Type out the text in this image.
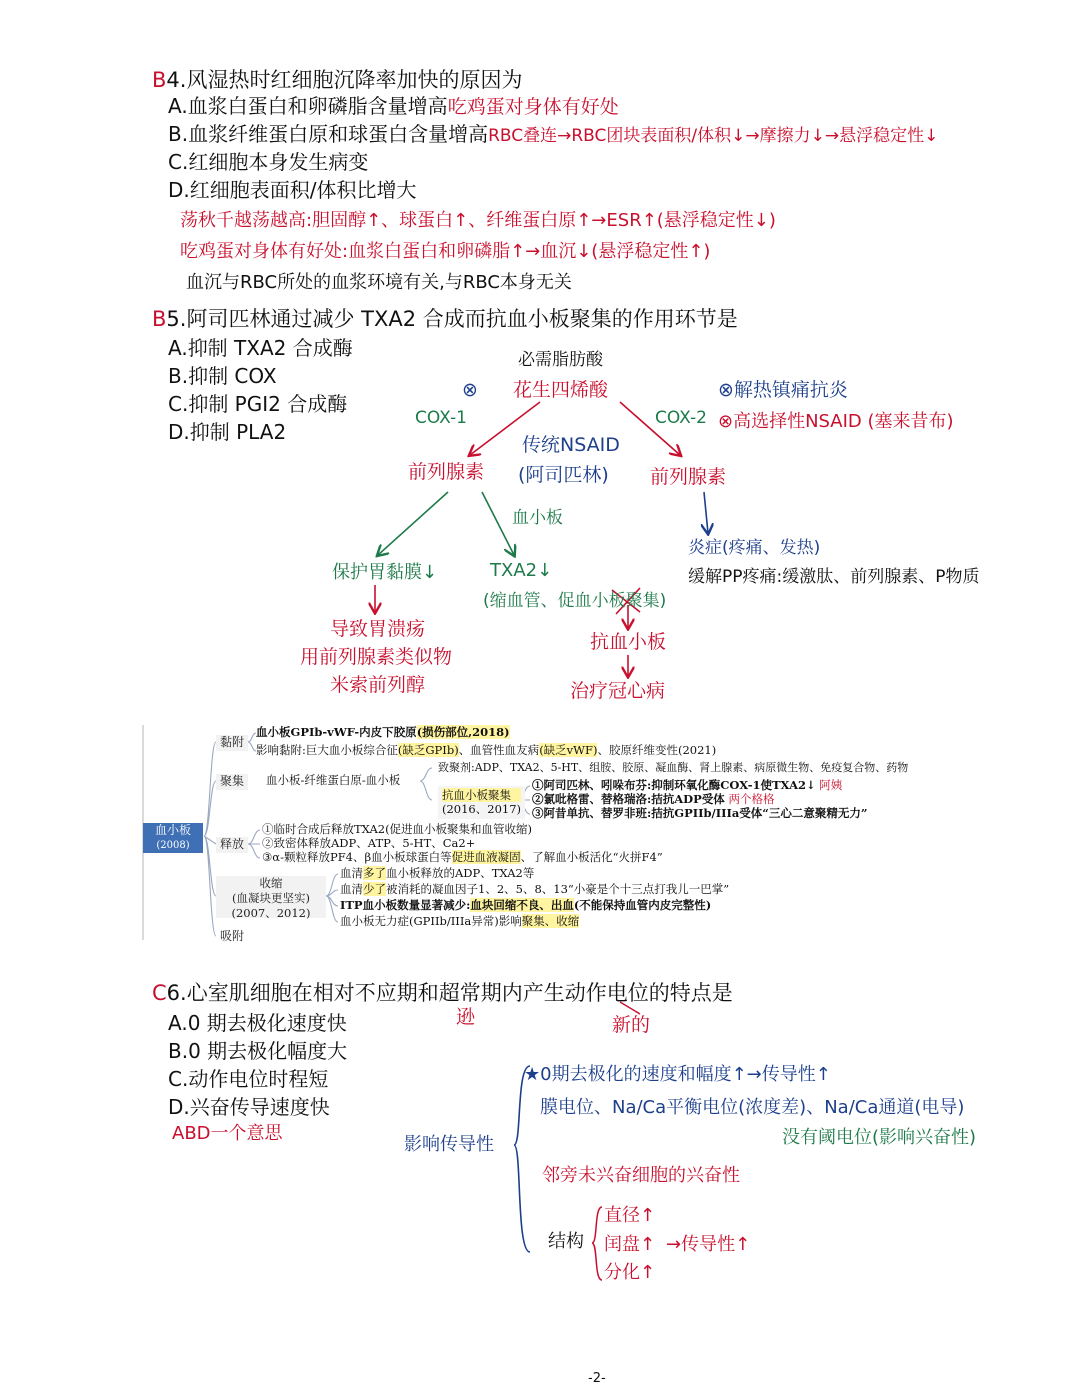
B4.风湿热时红细胞沉降率加快的原因为
A.血浆白蛋白和卵磷脂含量增高吃鸡蛋对身体有好处
B.血浆纤维蛋白原和球蛋白含量增高RBC叠连→RBC团块表面积/体积↓→摩擦力↓→悬浮稳定性↓
C.红细胞本身发生病变
D.红细胞表面积/体积比增大
荡秋千越荡越高:胆固醇↑、球蛋白↑、纤维蛋白原↑→ESR↑(悬浮稳定性↓)
吃鸡蛋对身体有好处:血浆白蛋白和卵磷脂↑→血沉↓(悬浮稳定性↑)
血沉与RBC所处的血浆环境有关,与RBC本身无关
B5.阿司匹林通过减少 TXA2 合成而抗血小板聚集的作用环节是
A.抑制 TXA2 合成酶
B.抑制 COX
C.抑制 PGI2 合成酶
D.抑制 PLA2
必需脂肪酸
⊗ 花生四烯酸
COX-1	COX-2
⊗解热镇痛抗炎
⊗高选择性NSAID (塞来昔布)
传统NSAID
(阿司匹林)
前列腺素	前列腺素
血小板
保护胃黏膜↓	TXA2↓
(缩血管、促血小板聚集)
炎症(疼痛、发热)
缓解PP疼痛:缓激肽、前列腺素、P物质
导致胃溃疡
用前列腺素类似物
米索前列醇
抗血小板
治疗冠心病
血小板
(2008)
黏附
聚集
释放
收缩
(血凝块更坚实)
(2007、2012)
吸附
血小板GPIb-vWF-内皮下胶原(损伤部位,2018)
影响黏附:巨大血小板综合征(缺乏GPIb)、血管性血友病(缺乏vWF)、胶原纤维变性(2021)
血小板-纤维蛋白原-血小板
致聚剂:ADP、TXA2、5-HT、组胺、胶原、凝血酶、肾上腺素、病原微生物、免疫复合物、药物
抗血小板聚集
(2016、2017)
①阿司匹林、吲哚布芬:抑制环氧化酶COX-1使TXA2↓ 阿姨
②氯吡格雷、替格瑞洛:拮抗ADP受体 两个格格
③阿昔单抗、替罗非班:拮抗GPIIb/IIIa受体“三心二意聚精无力”
①临时合成后释放TXA2(促进血小板聚集和血管收缩)
②致密体释放ADP、ATP、5-HT、Ca2+
③α-颗粒释放PF4、β血小板球蛋白等促进血液凝固、了解血小板活化“火拼F4”
血清多了血小板释放的ADP、TXA2等
血清少了被消耗的凝血因子1、2、5、8、13“小豪是个十三点打我儿一巴掌”
ITP血小板数量显著减少:血块回缩不良、出血(不能保持血管内皮完整性)
血小板无力症(GPIIb/IIIa异常)影响聚集、收缩
C6.心室肌细胞在相对不应期和超常期内产生动作电位的特点是
逊	新的
A.0 期去极化速度快
B.0 期去极化幅度大
C.动作电位时程短
D.兴奋传导速度快
ABD一个意思
影响传导性
★0期去极化的速度和幅度↑→传导性↑
膜电位、Na/Ca平衡电位(浓度差)、Na/Ca通道(电导)
没有阈电位(影响兴奋性)
邻旁未兴奋细胞的兴奋性
结构
直径↑
闰盘↑
分化↑
→传导性↑
-2-
